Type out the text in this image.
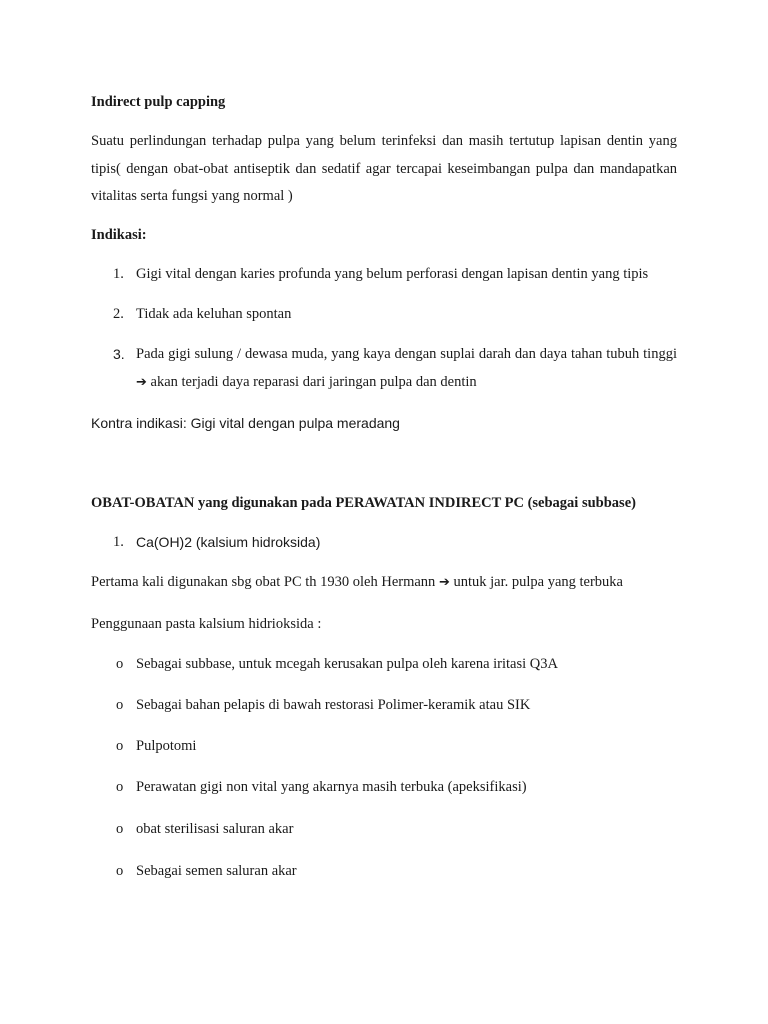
Indirect pulp capping
Suatu perlindungan terhadap pulpa yang belum terinfeksi dan masih tertutup lapisan dentin yang tipis( dengan obat-obat antiseptik dan sedatif agar tercapai keseimbangan pulpa dan mandapatkan vitalitas serta fungsi yang normal )
Indikasi:
1. Gigi vital dengan karies profunda yang belum perforasi dengan lapisan dentin yang tipis
2. Tidak ada keluhan spontan
3. Pada gigi sulung / dewasa muda, yang kaya dengan suplai darah dan daya tahan tubuh tinggi ➔ akan terjadi daya reparasi dari jaringan pulpa dan dentin
Kontra indikasi: Gigi vital dengan pulpa meradang
OBAT-OBATAN yang digunakan pada PERAWATAN INDIRECT PC (sebagai subbase)
1. Ca(OH)2 (kalsium hidroksida)
Pertama kali digunakan sbg obat PC th 1930 oleh Hermann ➔ untuk jar. pulpa yang terbuka
Penggunaan pasta kalsium hidrioksida :
o Sebagai subbase, untuk mcegah kerusakan pulpa oleh karena iritasi Q3A
o Sebagai bahan pelapis di bawah restorasi Polimer-keramik atau SIK
o Pulpotomi
o Perawatan gigi non vital yang akarnya masih terbuka (apeksifikasi)
o obat sterilisasi saluran akar
o Sebagai semen saluran akar
